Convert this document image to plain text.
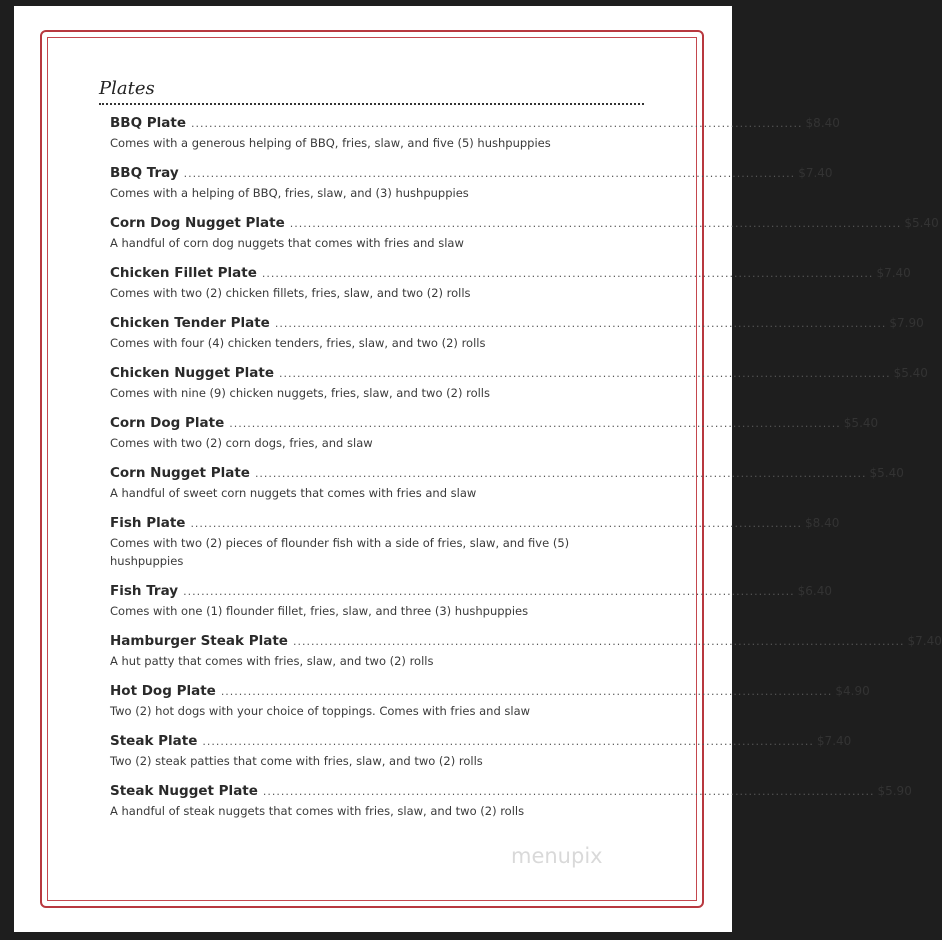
Plates
BBQ Plate ........................................................................................................................................ $8.40
Comes with a generous helping of BBQ, fries, slaw, and five (5) hushpuppies
BBQ Tray ........................................................................................................................................ $7.40
Comes with a helping of BBQ, fries, slaw, and (3) hushpuppies
Corn Dog Nugget Plate ........................................................................................................................................ $5.40
A handful of corn dog nuggets that comes with fries and slaw
Chicken Fillet Plate ........................................................................................................................................ $7.40
Comes with two (2) chicken fillets, fries, slaw, and two (2) rolls
Chicken Tender Plate ........................................................................................................................................ $7.90
Comes with four (4) chicken tenders, fries, slaw, and two (2) rolls
Chicken Nugget Plate ........................................................................................................................................ $5.40
Comes with nine (9) chicken nuggets, fries, slaw, and two (2) rolls
Corn Dog Plate ........................................................................................................................................ $5.40
Comes with two (2) corn dogs, fries, and slaw
Corn Nugget Plate ........................................................................................................................................ $5.40
A handful of sweet corn nuggets that comes with fries and slaw
Fish Plate ........................................................................................................................................ $8.40
Comes with two (2) pieces of flounder fish with a side of fries, slaw, and five (5) hushpuppies
Fish Tray ........................................................................................................................................ $6.40
Comes with one (1) flounder fillet, fries, slaw, and three (3) hushpuppies
Hamburger Steak Plate ........................................................................................................................................ $7.40
A hut patty that comes with fries, slaw, and two (2) rolls
Hot Dog Plate ........................................................................................................................................ $4.90
Two (2) hot dogs with your choice of toppings. Comes with fries and slaw
Steak Plate ........................................................................................................................................ $7.40
Two (2) steak patties that come with fries, slaw, and two (2) rolls
Steak Nugget Plate ........................................................................................................................................ $5.90
A handful of steak nuggets that comes with fries, slaw, and two (2) rolls
menupix
